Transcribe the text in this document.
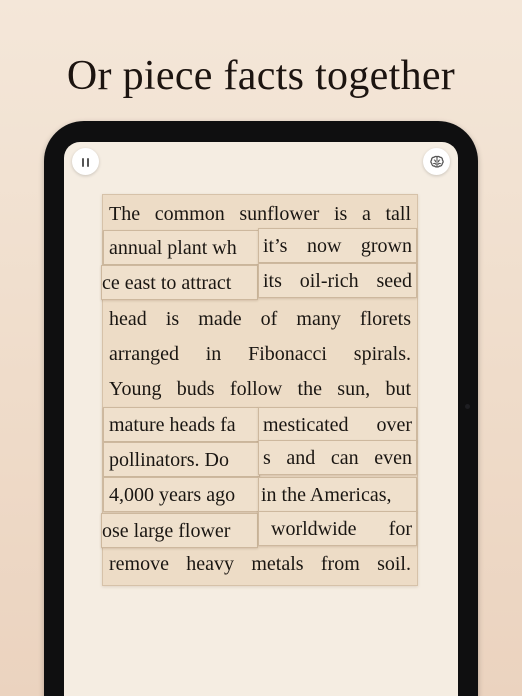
Or piece facts together
The common sunflower is a tall
annual plant wh	it’s now grown
ce east to attract	its oil-rich seed
head is made of many florets
arranged in Fibonacci spirals.
Young buds follow the sun, but
mature heads fa	mesticated over
pollinators. Do	s and can even
4,000 years ago	in the Americas,
ose large flower	worldwide for
remove heavy metals from soil.
